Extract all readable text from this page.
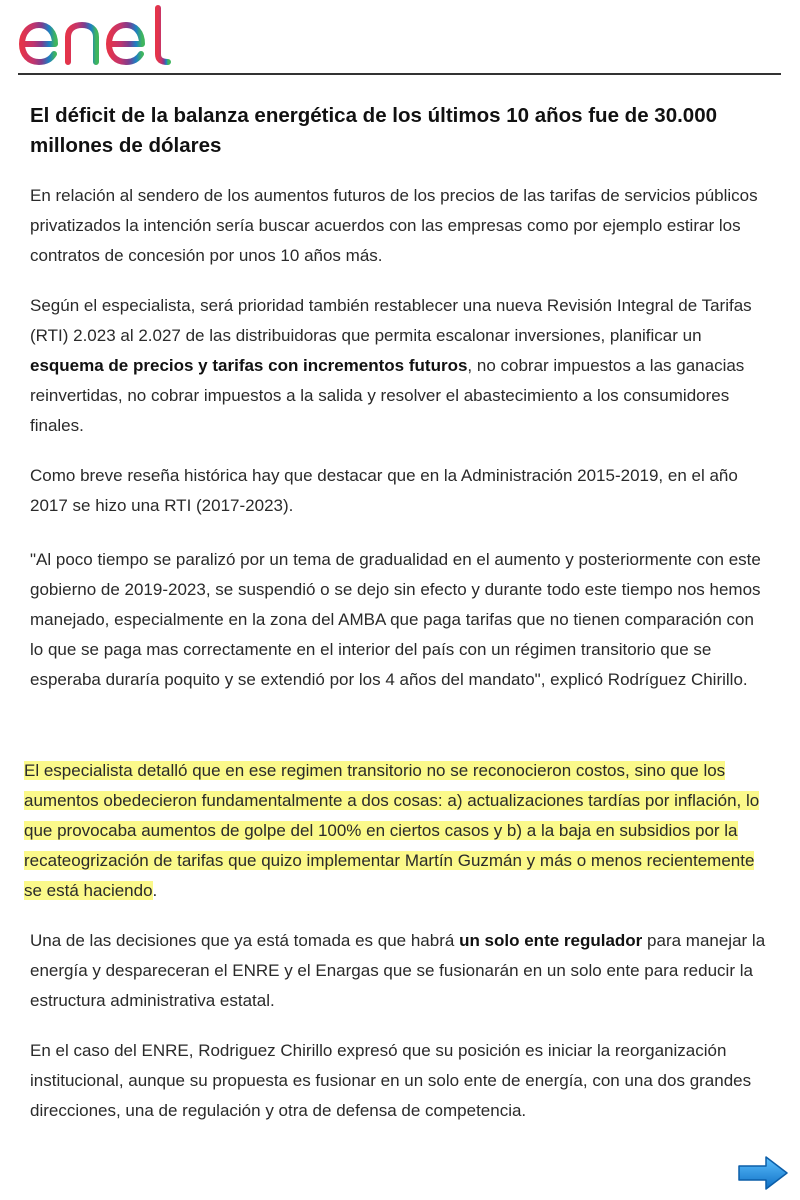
El déficit de la balanza energética de los últimos 10 años fue de 30.000 millones de dólares

En relación al sendero de los aumentos futuros de los precios de las tarifas de servicios públicos privatizados la intención sería buscar acuerdos con las empresas como por ejemplo estirar los contratos de concesión por unos 10 años más.

Según el especialista, será prioridad también restablecer una nueva Revisión Integral de Tarifas (RTI) 2.023 al 2.027 de las distribuidoras que permita escalonar inversiones, planificar un esquema de precios y tarifas con incrementos futuros, no cobrar impuestos a las ganacias reinvertidas, no cobrar impuestos a la salida y resolver el abastecimiento a los consumidores finales.

Como breve reseña histórica hay que destacar que en la Administración 2015-2019, en el año 2017 se hizo una RTI (2017-2023).

"Al poco tiempo se paralizó por un tema de gradualidad en el aumento y posteriormente con este gobierno de 2019-2023, se suspendió o se dejo sin efecto y durante todo este tiempo nos hemos manejado, especialmente en la zona del AMBA que paga tarifas que no tienen comparación con lo que se paga mas correctamente en el interior del país con un régimen transitorio que se esperaba duraría poquito y se extendió por los 4 años del mandato", explicó Rodríguez Chirillo.

El especialista detalló que en ese regimen transitorio no se reconocieron costos, sino que los aumentos obedecieron fundamentalmente a dos cosas: a) actualizaciones tardías por inflación, lo que provocaba aumentos de golpe del 100% en ciertos casos y b) a la baja en subsidios por la recateogrización de tarifas que quizo implementar Martín Guzmán y más o menos recientemente se está haciendo.

Una de las decisiones que ya está tomada es que habrá un solo ente regulador para manejar la energía y despareceran el ENRE y el Enargas que se fusionarán en un solo ente para reducir la estructura administrativa estatal.

En el caso del ENRE, Rodriguez Chirillo expresó que su posición es iniciar la reorganización institucional, aunque su propuesta es fusionar en un solo ente de energía, con una dos grandes direcciones, una de regulación y otra de defensa de competencia.
